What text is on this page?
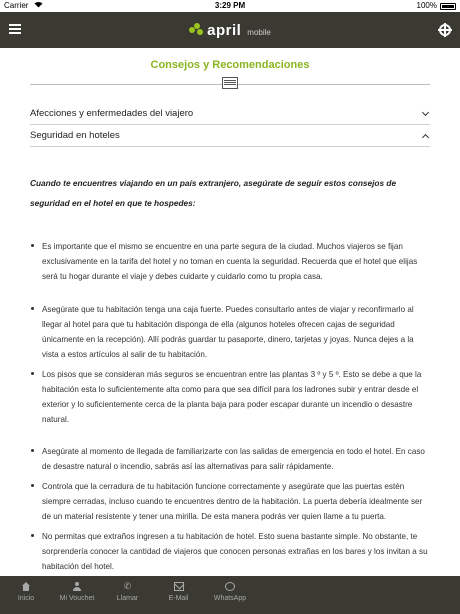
Carrier	3:29 PM	100%
april mobile
Consejos y Recomendaciones
Afecciones y enfermedades del viajero
Seguridad en hoteles

Cuando te encuentres viajando en un país extranjero, asegúrate de seguir estos consejos de seguridad en el hotel en que te hospedes:

Es importante que el mismo se encuentre en una parte segura de la ciudad. Muchos viajeros se fijan exclusivamente en la tarifa del hotel y no toman en cuenta la seguridad. Recuerda que el hotel que elijas será tu hogar durante el viaje y debes cuidarte y cuidarlo como tu propia casa.
Asegúrate que tu habitación tenga una caja fuerte. Puedes consultarlo antes de viajar y reconfirmarlo al llegar al hotel para que tu habitación disponga de ella (algunos hoteles ofrecen cajas de seguridad únicamente en la recepción). Allí podrás guardar tu pasaporte, dinero, tarjetas y joyas. Nunca dejes a la vista a estos artículos al salir de tu habitación.
Los pisos que se consideran más seguros se encuentran entre las plantas 3 º y 5 º. Esto se debe a que la habitación esta lo suficientemente alta como para que sea difícil para los ladrones subir y entrar desde el exterior y lo suficientemente cerca de la planta baja para poder escapar durante un incendio o desastre natural.
Asegúrate al momento de llegada de familiarizarte con las salidas de emergencia en todo el hotel. En caso de desastre natural o incendio, sabrás así las alternativas para salir rápidamente.
Controla que la cerradura de tu habitación funcione correctamente y asegúrate que las puertas estén siempre cerradas, incluso cuando te encuentres dentro de la habitación. La puerta debería idealmente ser de un material resistente y tener una mirilla. De esta manera podrás ver quien llame a tu puerta.
No permitas que extraños ingresen a tu habitación de hotel. Esto suena bastante simple. No obstante, te sorprendería conocer la cantidad de viajeros que conocen personas extrañas en los bares y los invitan a su habitación del hotel.
Inicio	Mi Vouchet
✆
Llamar	E-Mail	WhatsApp
